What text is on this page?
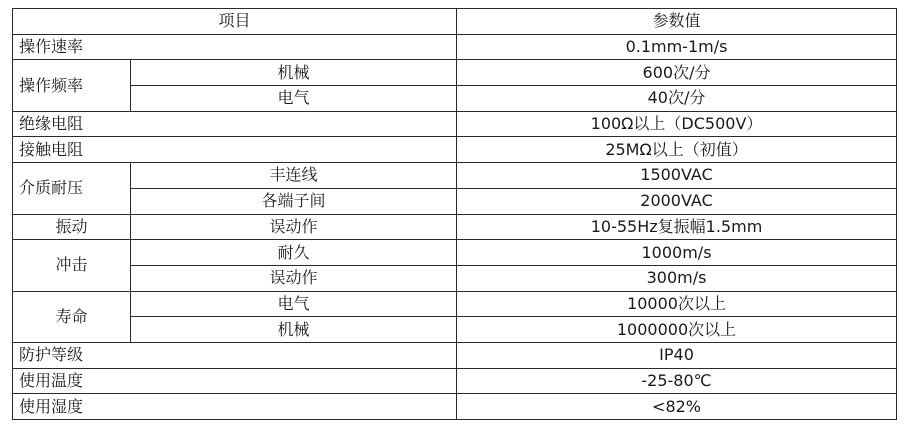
项目		参数值
操作速率		0.1mm-1m/s
操作频率	机械	600次/分
	电气	40次/分
绝缘电阻		100Ω以上（DC500V）
接触电阻		25MΩ以上（初值）
介质耐压	丰连线	1500VAC
	各端子间	2000VAC
振动	误动作	10-55Hz复振幅1.5mm
冲击	耐久	1000m/s
	误动作	300m/s
寿命	电气	10000次以上
	机械	1000000次以上
防护等级		IP40
使用温度		-25-80℃
使用湿度		<82%
